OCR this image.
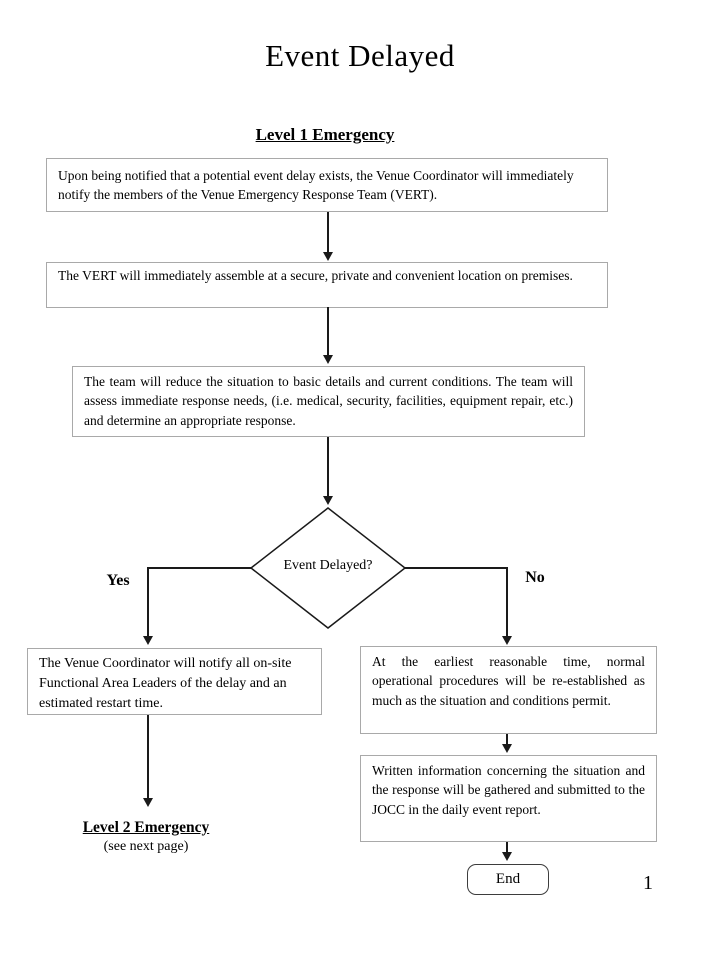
Event Delayed
Level 1 Emergency
Upon being notified that a potential event delay exists, the Venue Coordinator will immediately notify the members of the Venue Emergency Response Team (VERT).
The VERT will immediately assemble at a secure, private and convenient location on premises.
The team will reduce the situation to basic details and current conditions. The team will assess immediate response needs, (i.e. medical, security, facilities, equipment repair, etc.) and determine an appropriate response.
Event Delayed?
Yes	No
The Venue Coordinator will notify all on-site Functional Area Leaders of the delay and an estimated restart time.
Level 2 Emergency
(see next page)
At the earliest reasonable time, normal operational procedures will be re-established as much as the situation and conditions permit.
Written information concerning the situation and the response will be gathered and submitted to the JOCC in the daily event report.
End	1
